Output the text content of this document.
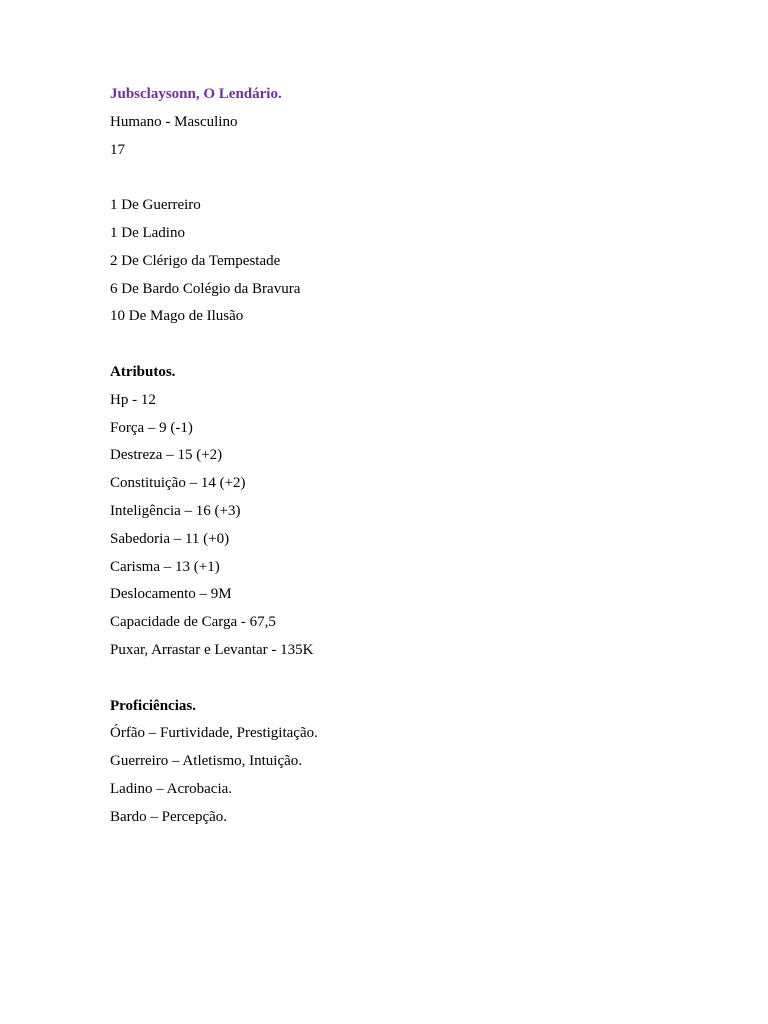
Jubsclaysonn, O Lendário.
Humano - Masculino
17
1 De Guerreiro
1 De Ladino
2 De Clérigo da Tempestade
6 De Bardo Colégio da Bravura
10 De Mago de Ilusão
Atributos.
Hp - 12
Força – 9 (-1)
Destreza – 15 (+2)
Constituição – 14 (+2)
Inteligência – 16 (+3)
Sabedoria – 11 (+0)
Carisma – 13 (+1)
Deslocamento – 9M
Capacidade de Carga - 67,5
Puxar, Arrastar e Levantar - 135K
Proficiências.
Órfão – Furtividade, Prestigitação.
Guerreiro – Atletismo, Intuição.
Ladino – Acrobacia.
Bardo – Percepção.
